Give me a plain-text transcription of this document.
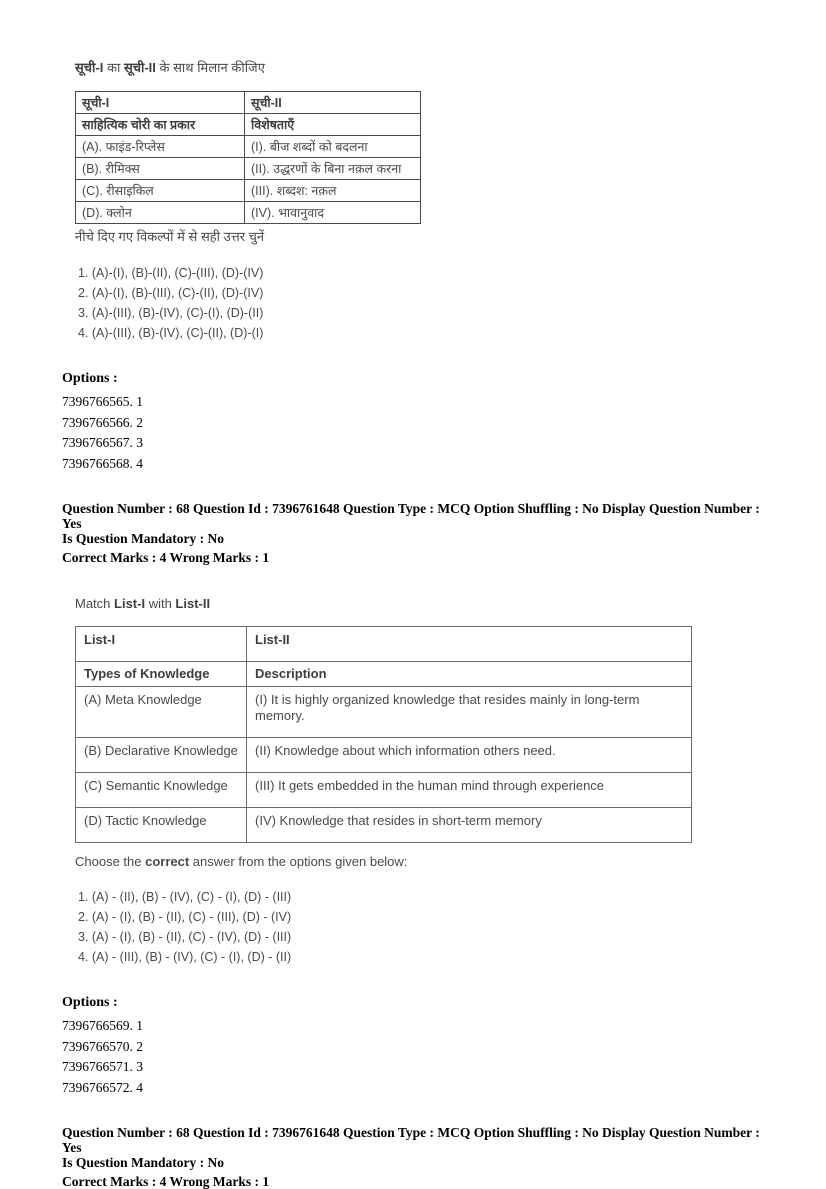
सूची-I का सूची-II के साथ मिलान कीजिए

सूची-I	सूची-II
साहित्यिक चोरी का प्रकार	विशेषताएँ
(A). फाइंड-रिप्लेस	(I). बीज शब्दों को बदलना
(B). रीमिक्स	(II). उद्धरणों के बिना नक़ल करना
(C). रीसाइकिल	(III). शब्दश: नक़ल
(D). क्लोन	(IV). भावानुवाद

नीचे दिए गए विकल्पों में से सही उत्तर चुनें

1. (A)-(I), (B)-(II), (C)-(III), (D)-(IV)
2. (A)-(I), (B)-(III), (C)-(II), (D)-(IV)
3. (A)-(III), (B)-(IV), (C)-(I), (D)-(II)
4. (A)-(III), (B)-(IV), (C)-(II), (D)-(I)

Options :

7396766565. 1

7396766566. 2

7396766567. 3

7396766568. 4

Question Number : 68 Question Id : 7396761648 Question Type : MCQ Option Shuffling : No Display Question Number : Yes
Is Question Mandatory : No

Correct Marks : 4 Wrong Marks : 1

Match List-I with List-II

List-I	List-II
Types of Knowledge	Description
(A) Meta Knowledge	(I) It is highly organized knowledge that resides mainly in long-term memory.
(B) Declarative Knowledge	(II) Knowledge about which information others need.
(C) Semantic Knowledge	(III) It gets embedded in the human mind through experience
(D) Tactic Knowledge	(IV) Knowledge that resides in short-term memory

Choose the correct answer from the options given below:

1. (A) - (II), (B) - (IV), (C) - (I), (D) - (III)
2. (A) - (I), (B) - (II), (C) - (III), (D) - (IV)
3. (A) - (I), (B) - (II), (C) - (IV), (D) - (III)
4. (A) - (III), (B) - (IV), (C) - (I), (D) - (II)

Options :

7396766569. 1

7396766570. 2

7396766571. 3

7396766572. 4

Question Number : 68 Question Id : 7396761648 Question Type : MCQ Option Shuffling : No Display Question Number : Yes
Is Question Mandatory : No

Correct Marks : 4 Wrong Marks : 1
